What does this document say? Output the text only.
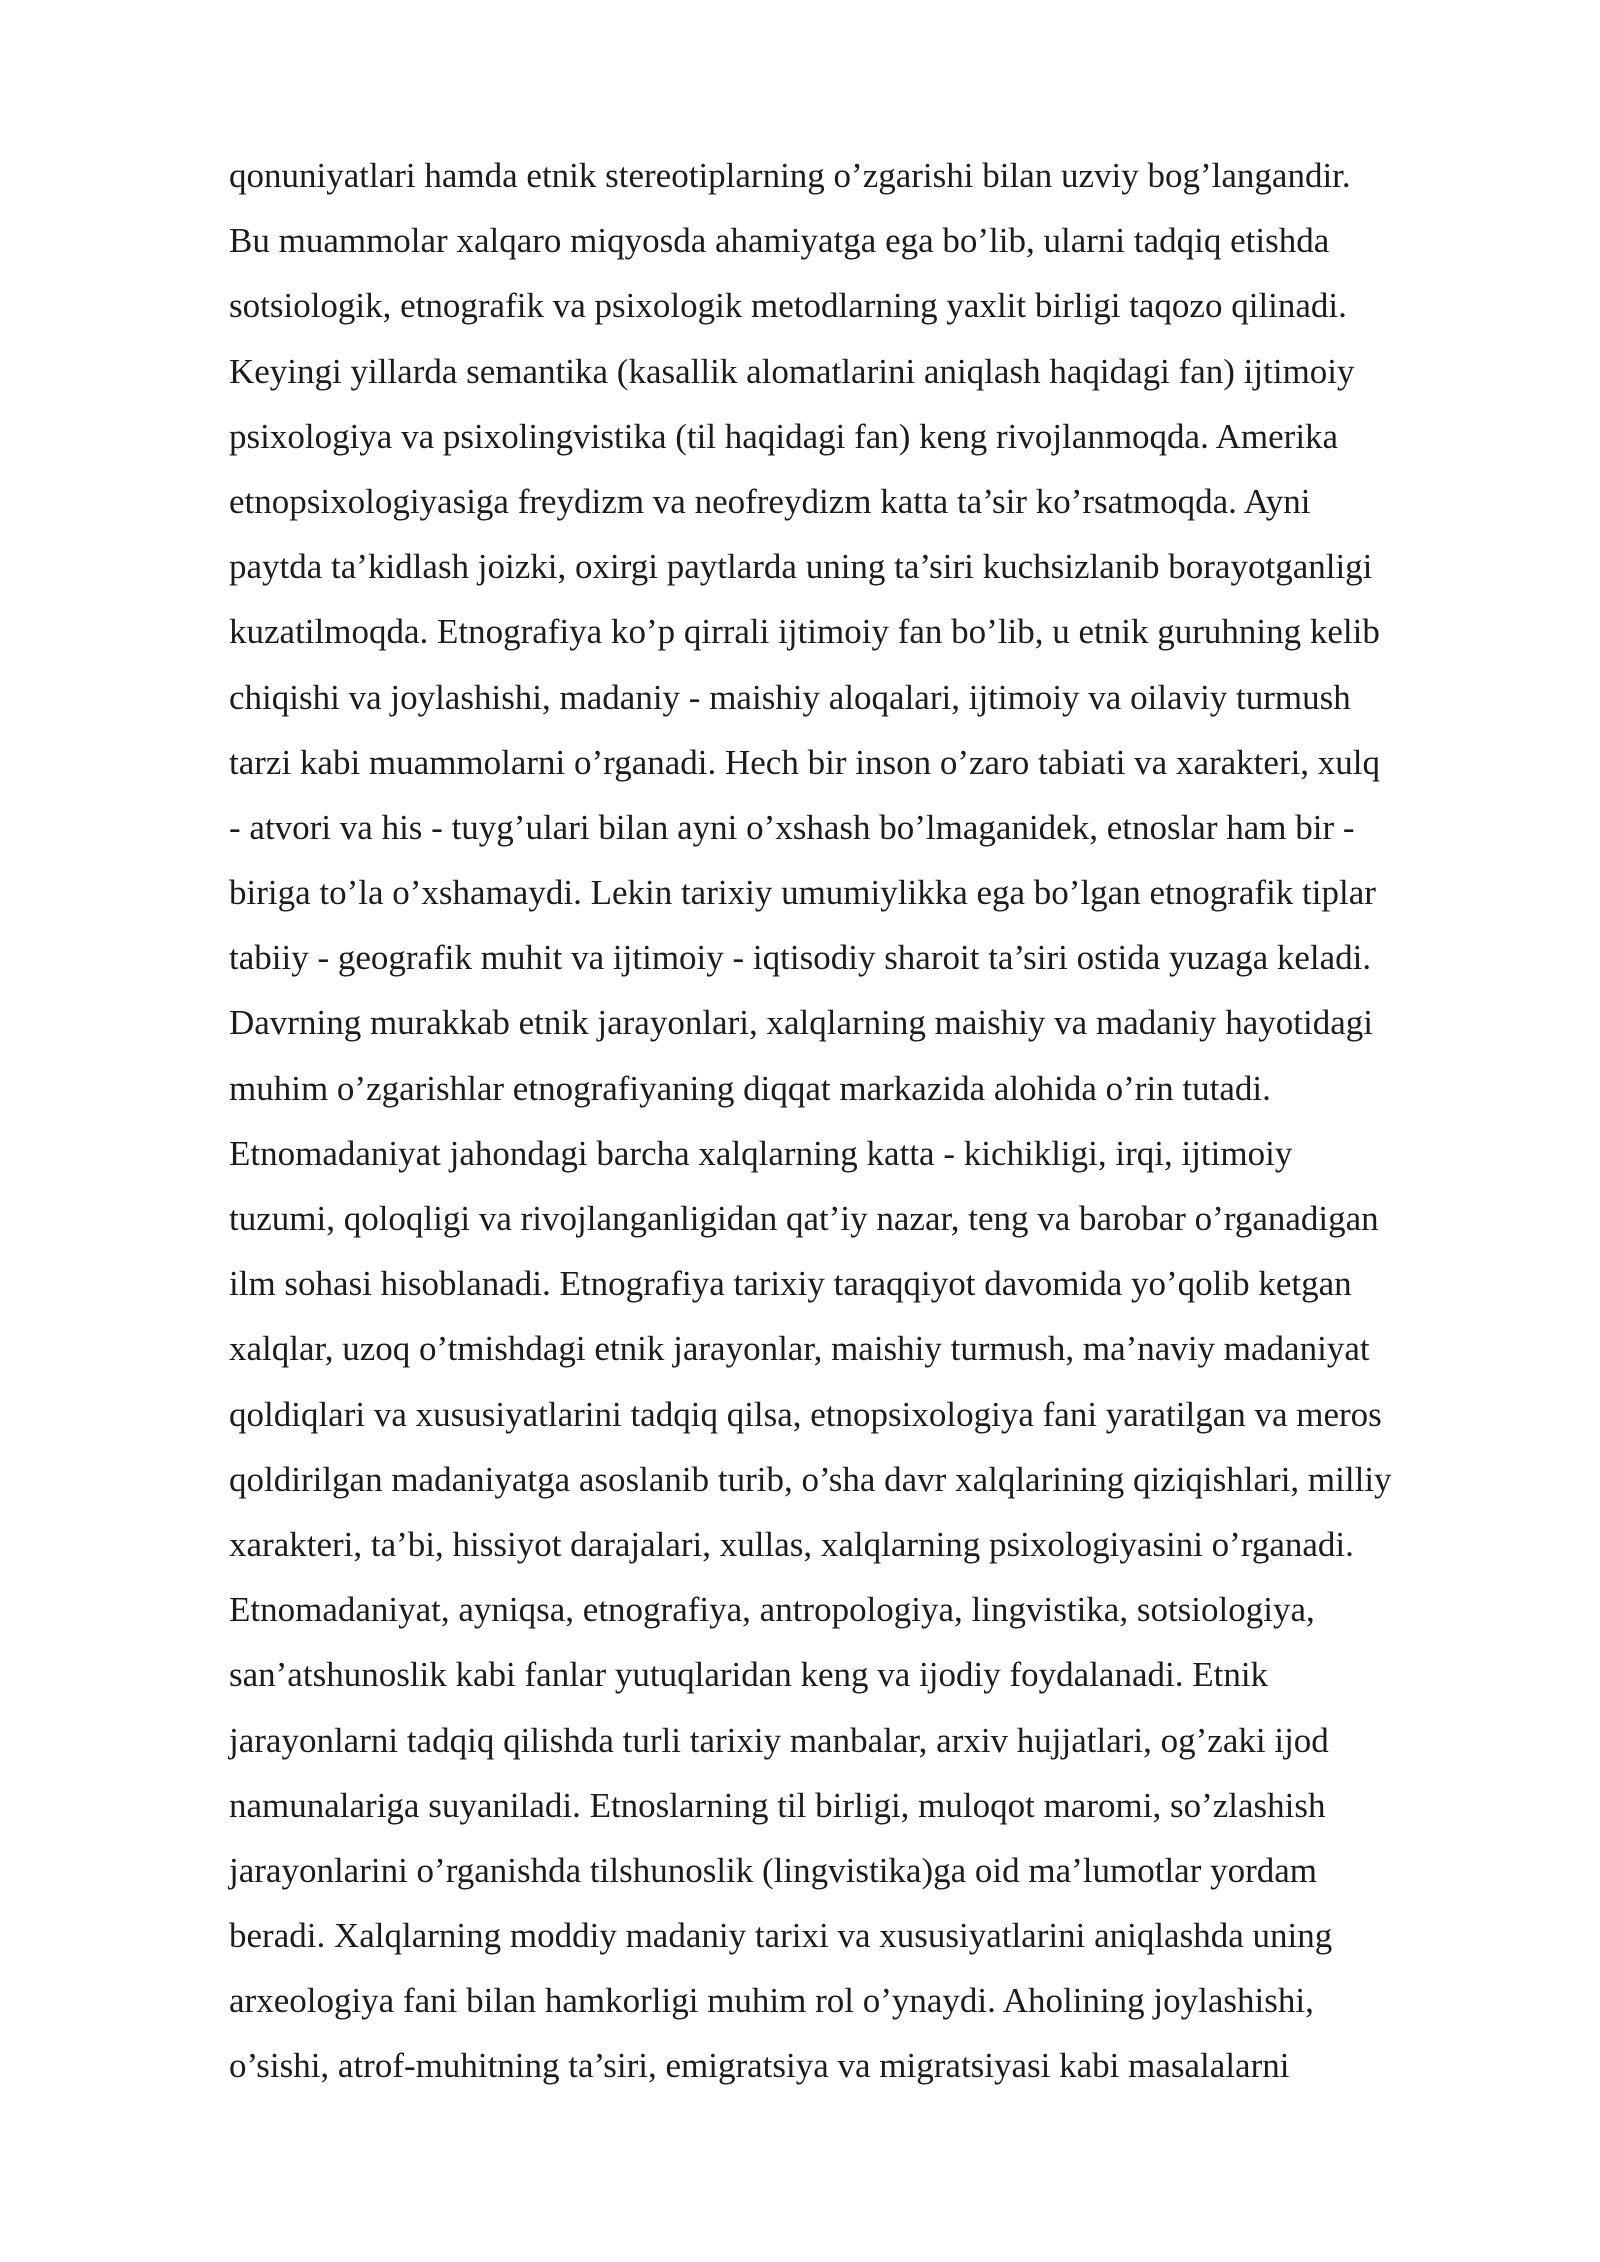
qonuniyatlari hamda etnik stereotiplarning o’zgarishi bilan uzviy bog’langandir.
Bu muammolar xalqaro miqyosda ahamiyatga ega bo’lib, ularni tadqiq etishda
sotsiologik, etnografik va psixologik metodlarning yaxlit birligi taqozo qilinadi.
Keyingi yillarda semantika (kasallik alomatlarini aniqlash haqidagi fan) ijtimoiy
psixologiya va psixolingvistika (til haqidagi fan) keng rivojlanmoqda. Amerika
etnopsixologiyasiga freydizm va neofreydizm katta ta’sir ko’rsatmoqda. Ayni
paytda ta’kidlash joizki, oxirgi paytlarda uning ta’siri kuchsizlanib borayotganligi
kuzatilmoqda. Etnografiya ko’p qirrali ijtimoiy fan bo’lib, u etnik guruhning kelib
chiqishi va joylashishi, madaniy - maishiy aloqalari, ijtimoiy va oilaviy turmush
tarzi kabi muammolarni o’rganadi. Hech bir inson o’zaro tabiati va xarakteri, xulq
- atvori va his - tuyg’ulari bilan ayni o’xshash bo’lmaganidek, etnoslar ham bir -
biriga to’la o’xshamaydi. Lekin tarixiy umumiylikka ega bo’lgan etnografik tiplar
tabiiy - geografik muhit va ijtimoiy - iqtisodiy sharoit ta’siri ostida yuzaga keladi.
Davrning murakkab etnik jarayonlari, xalqlarning maishiy va madaniy hayotidagi
muhim o’zgarishlar etnografiyaning diqqat markazida alohida o’rin tutadi.
Etnomadaniyat jahondagi barcha xalqlarning katta - kichikligi, irqi, ijtimoiy
tuzumi, qoloqligi va rivojlanganligidan qat’iy nazar, teng va barobar o’rganadigan
ilm sohasi hisoblanadi. Etnografiya tarixiy taraqqiyot davomida yo’qolib ketgan
xalqlar, uzoq o’tmishdagi etnik jarayonlar, maishiy turmush, ma’naviy madaniyat
qoldiqlari va xususiyatlarini tadqiq qilsa, etnopsixologiya fani yaratilgan va meros
qoldirilgan madaniyatga asoslanib turib, o’sha davr xalqlarining qiziqishlari, milliy
xarakteri, ta’bi, hissiyot darajalari, xullas, xalqlarning psixologiyasini o’rganadi.
Etnomadaniyat, ayniqsa, etnografiya, antropologiya, lingvistika, sotsiologiya,
san’atshunoslik kabi fanlar yutuqlaridan keng va ijodiy foydalanadi. Etnik
jarayonlarni tadqiq qilishda turli tarixiy manbalar, arxiv hujjatlari, og’zaki ijod
namunalariga suyaniladi. Etnoslarning til birligi, muloqot maromi, so’zlashish
jarayonlarini o’rganishda tilshunoslik (lingvistika)ga oid ma’lumotlar yordam
beradi. Xalqlarning moddiy madaniy tarixi va xususiyatlarini aniqlashda uning
arxeologiya fani bilan hamkorligi muhim rol o’ynaydi. Aholining joylashishi,
o’sishi, atrof-muhitning ta’siri, emigratsiya va migratsiyasi kabi masalalarni
